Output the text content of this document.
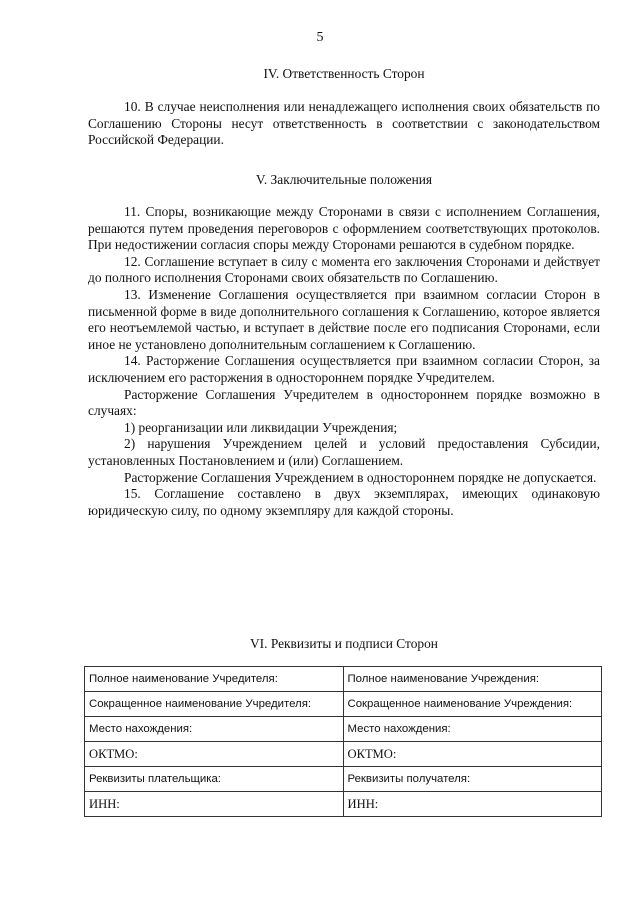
5
IV. Ответственность Сторон

10. В случае неисполнения или ненадлежащего исполнения своих обязательств по Соглашению Стороны несут ответственность в соответствии с законодательством Российской Федерации.

V. Заключительные положения

11. Споры, возникающие между Сторонами в связи с исполнением Соглашения, решаются путем проведения переговоров с оформлением соответствующих протоколов. При недостижении согласия споры между Сторонами решаются в судебном порядке.

12. Соглашение вступает в силу с момента его заключения Сторонами и действует до полного исполнения Сторонами своих обязательств по Соглашению.

13. Изменение Соглашения осуществляется при взаимном согласии Сторон в письменной форме в виде дополнительного соглашения к Соглашению, которое является его неотъемлемой частью, и вступает в действие после его подписания Сторонами, если иное не установлено дополнительным соглашением к Соглашению.

14. Расторжение Соглашения осуществляется при взаимном согласии Сторон, за исключением его расторжения в одностороннем порядке Учредителем.

Расторжение Соглашения Учредителем в одностороннем порядке возможно в случаях:

1) реорганизации или ликвидации Учреждения;

2) нарушения Учреждением целей и условий предоставления Субсидии, установленных Постановлением и (или) Соглашением.

Расторжение Соглашения Учреждением в одностороннем порядке не допускается.

15. Соглашение составлено в двух экземплярах, имеющих одинаковую юридическую силу, по одному экземпляру для каждой стороны.

VI. Реквизиты и подписи Сторон
Полное наименование Учредителя:	Полное наименование Учреждения:
Сокращенное наименование Учредителя:	Сокращенное наименование Учреждения:
Место нахождения:	Место нахождения:
ОКТМО:	ОКТМО:
Реквизиты плательщика:	Реквизиты получателя:
ИНН:	ИНН:
